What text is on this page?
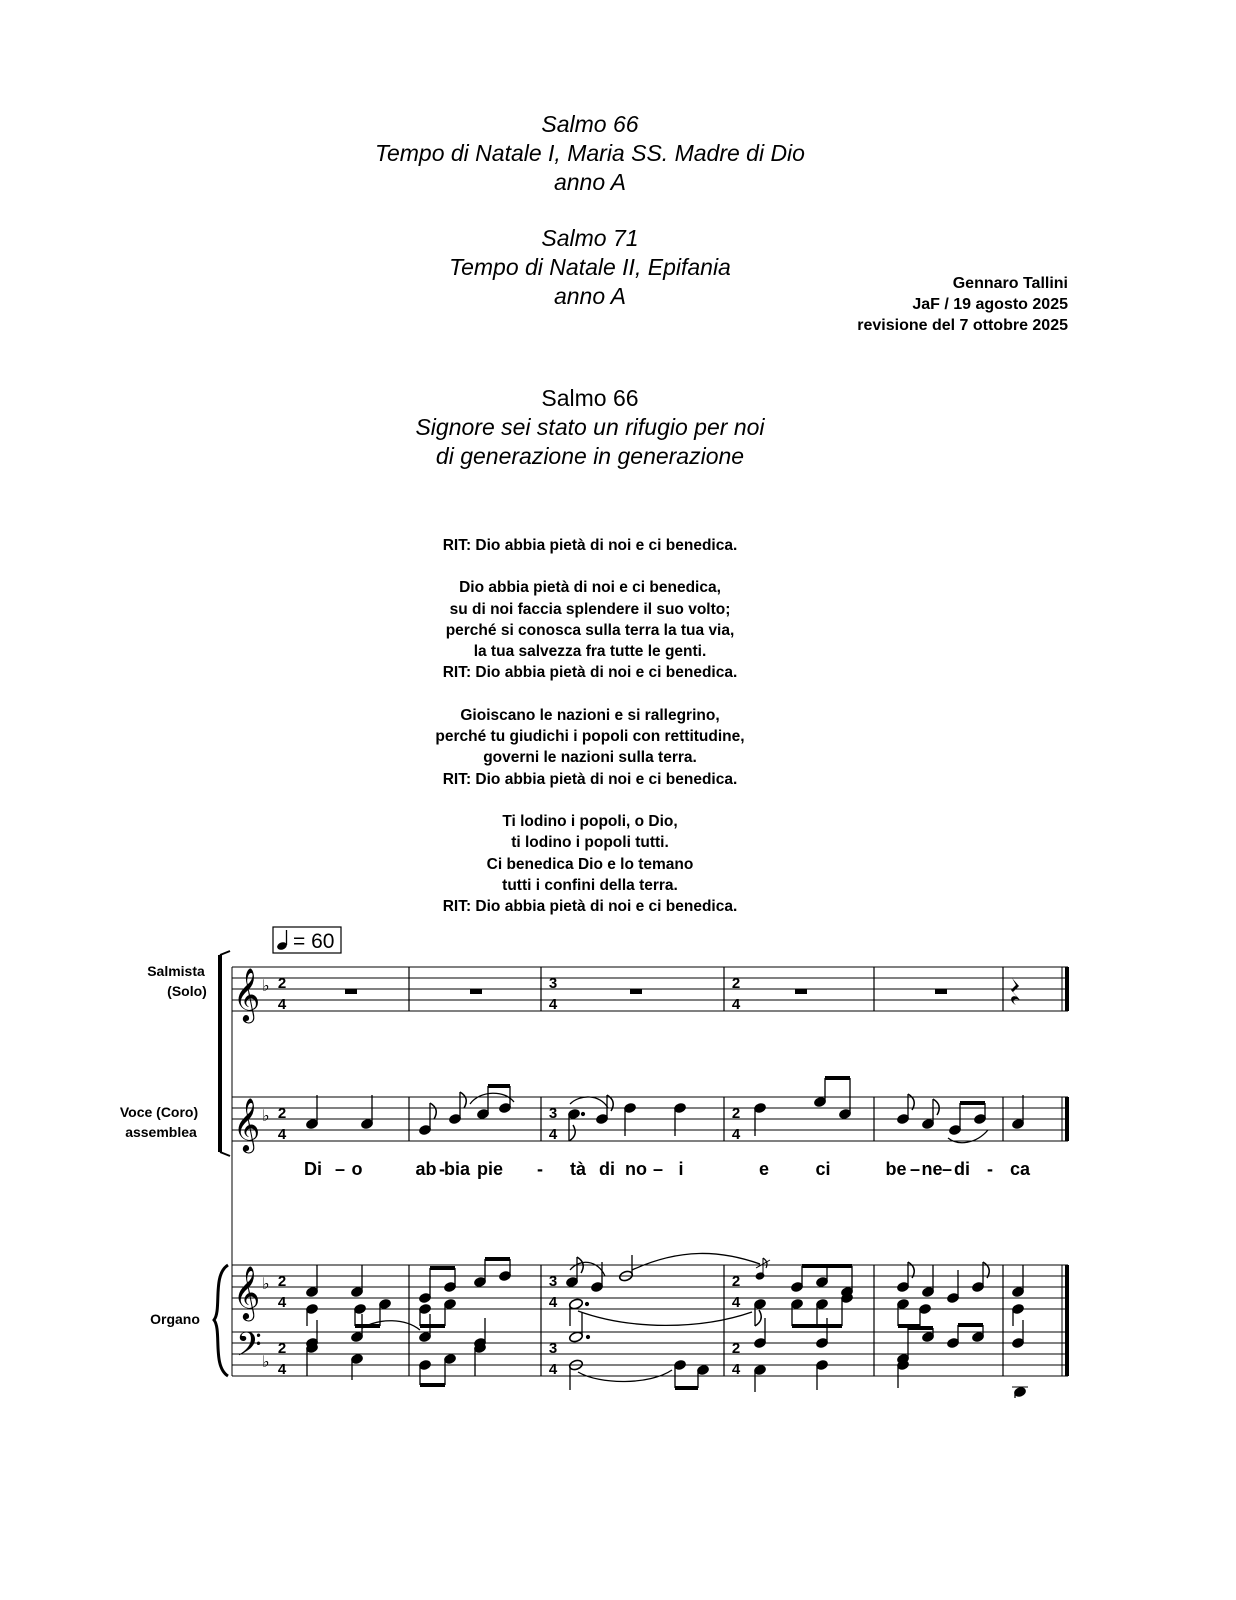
Salmo 66
Tempo di Natale I, Maria SS. Madre di Dio
anno A
Salmo 71
Tempo di Natale II, Epifania
anno A	Gennaro Tallini
JaF / 19 agosto 2025
revisione del 7 ottobre 2025
Salmo 66
Signore sei stato un rifugio per noi
di generazione in generazione

RIT: Dio abbia pietà di noi e ci benedica.

Dio abbia pietà di noi e ci benedica,
su di noi faccia splendere il suo volto;
perché si conosca sulla terra la tua via,
la tua salvezza fra tutte le genti.
RIT: Dio abbia pietà di noi e ci benedica.

Gioiscano le nazioni e si rallegrino,
perché tu giudichi i popoli con rettitudine,
governi le nazioni sulla terra.
RIT: Dio abbia pietà di noi e ci benedica.

Ti lodino i popoli, o Dio,
ti lodino i popoli tutti.
Ci benedica Dio e lo temano
tutti i confini della terra.
RIT: Dio abbia pietà di noi e ci benedica.

= 60
Salmista
(Solo)
Voce (Coro)
assemblea
Organo
𝄞
𝄞
𝄞
𝄢
♭
♭
♭
♭
2
4
2
4
2
4
2
4
3
4
3
4
3
4
3
4
2
4
2
4
2
4
2
4
Di – o	ab -
bia pie - tà di no – i	e	ci	be – ne – di - ca
